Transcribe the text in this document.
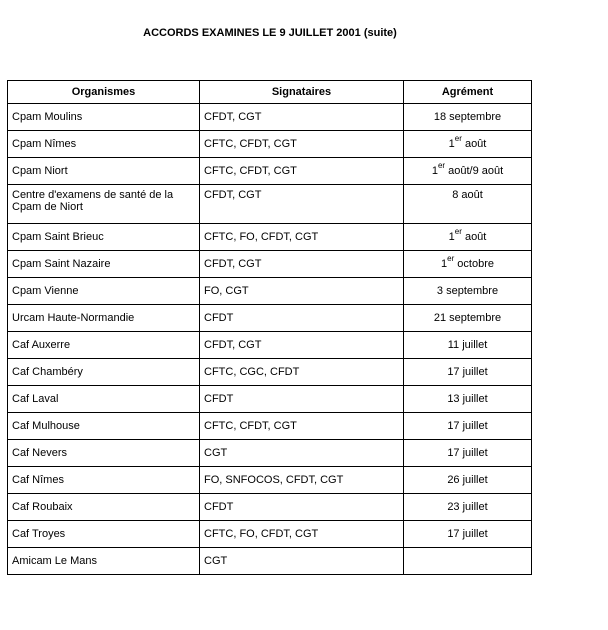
ACCORDS EXAMINES LE 9 JUILLET 2001 (suite)
Organismes	Signataires	Agrément
Cpam Moulins	CFDT, CGT	18 septembre
Cpam Nîmes	CFTC, CFDT, CGT	1er août
Cpam Niort	CFTC, CFDT, CGT	1er août/9 août
Centre d'examens de santé de la Cpam de Niort	CFDT, CGT	8 août
Cpam Saint Brieuc	CFTC, FO, CFDT, CGT	1er août
Cpam Saint Nazaire	CFDT, CGT	1er octobre
Cpam Vienne	FO, CGT	3 septembre
Urcam Haute-Normandie	CFDT	21 septembre
Caf Auxerre	CFDT, CGT	11 juillet
Caf Chambéry	CFTC, CGC, CFDT	17 juillet
Caf Laval	CFDT	13 juillet
Caf Mulhouse	CFTC, CFDT, CGT	17 juillet
Caf Nevers	CGT	17 juillet
Caf Nîmes	FO, SNFOCOS, CFDT, CGT	26 juillet
Caf Roubaix	CFDT	23 juillet
Caf Troyes	CFTC, FO, CFDT, CGT	17 juillet
Amicam Le Mans	CGT	
